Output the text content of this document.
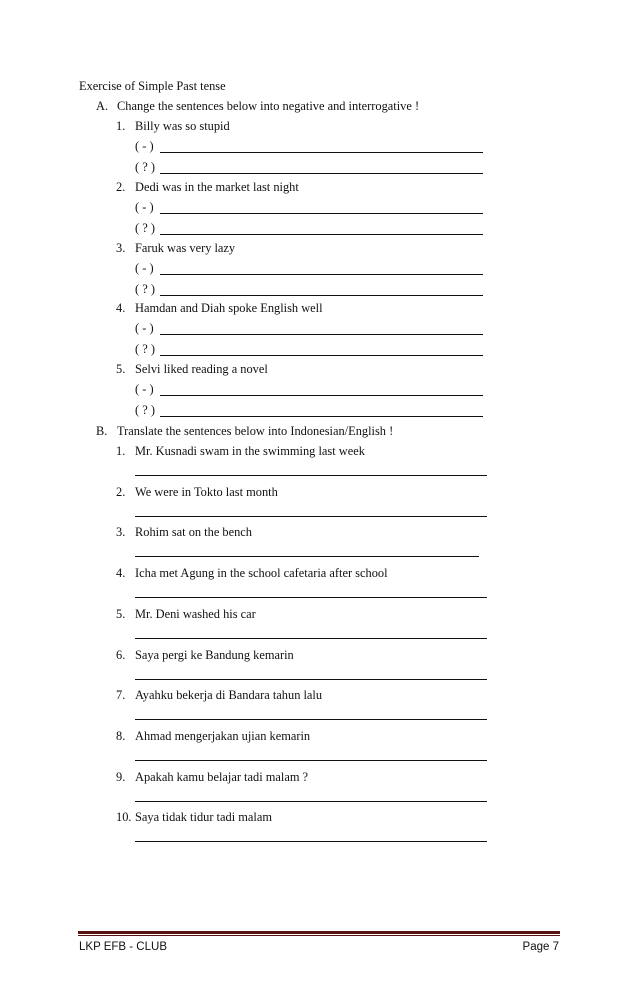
Exercise of Simple Past tense
A. Change the sentences below into negative and interrogative !
1. Billy was so stupid
( - )
( ? )
2. Dedi was in the market last night
( - )
( ? )
3. Faruk was very lazy
( - )
( ? )
4. Hamdan and Diah spoke English well
( - )
( ? )
5. Selvi liked reading a novel
( - )
( ? )
B. Translate the sentences below into Indonesian/English !
1. Mr. Kusnadi swam in the swimming last week
2. We were in Tokto last month
3. Rohim sat on the bench
4. Icha met Agung in the school cafetaria after school
5. Mr. Deni washed his car
6. Saya pergi ke Bandung kemarin
7. Ayahku bekerja di Bandara tahun lalu
8. Ahmad mengerjakan ujian kemarin
9. Apakah kamu belajar tadi malam ?
10. Saya tidak tidur tadi malam
LKP EFB - CLUB	Page 7
